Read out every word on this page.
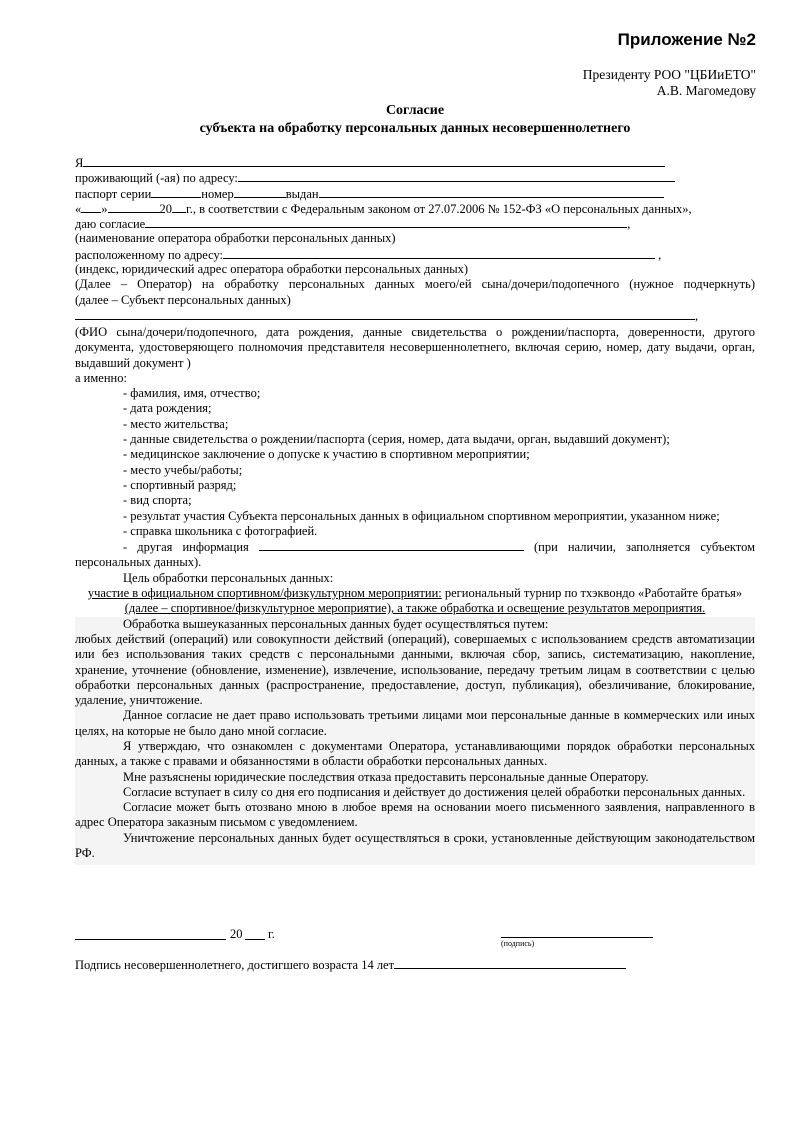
Приложение №2
Президенту РОО "ЦБИиЕТО"
А.В. Магомедову
Согласие
субъекта на обработку персональных данных несовершеннолетнего
Я
проживающий (-ая) по адресу:
паспорт серии	номер	выдан
« »	20 г., в соответствии с Федеральным законом от 27.07.2006 № 152-ФЗ «О персональных данных»,
даю согласие	,
(наименование оператора обработки персональных данных)
расположенному по адресу:	,
(индекс, юридический адрес оператора обработки персональных данных)
(Далее – Оператор) на обработку персональных данных моего/ей сына/дочери/подопечного (нужное подчеркнуть)
(далее – Субъект персональных данных)
,
(ФИО сына/дочери/подопечного, дата рождения, данные свидетельства о рождении/паспорта, доверенности, другого документа, удостоверяющего полномочия представителя несовершеннолетнего, включая серию, номер, дату выдачи, орган, выдавший документ )
а именно:
- фамилия, имя, отчество;
- дата рождения;
- место жительства;
- данные свидетельства о рождении/паспорта (серия, номер, дата выдачи, орган, выдавший документ);
- медицинское заключение о допуске к участию в спортивном мероприятии;
- место учебы/работы;
- спортивный разряд;
- вид спорта;
- результат участия Субъекта персональных данных в официальном спортивном мероприятии, указанном ниже;
- справка школьника с фотографией.
- другая информация	(при наличии, заполняется субъектом персональных данных).
Цель обработки персональных данных:
участие в официальном спортивном/физкультурном мероприятии: региональный турнир по тхэквондо «Работайте братья»
(далее – спортивное/физкультурное мероприятие), а также обработка и освещение результатов мероприятия.
Обработка вышеуказанных персональных данных будет осуществляться путем:
любых действий (операций) или совокупности действий (операций), совершаемых с использованием средств автоматизации или без использования таких средств с персональными данными, включая сбор, запись, систематизацию, накопление, хранение, уточнение (обновление, изменение), извлечение, использование, передачу третьим лицам в соответствии с целью обработки персональных данных (распространение, предоставление, доступ, публикация), обезличивание, блокирование, удаление, уничтожение.
Данное согласие не дает право использовать третьими лицами мои персональные данные в коммерческих или иных целях, на которые не было дано мной согласие.
Я утверждаю, что ознакомлен с документами Оператора, устанавливающими порядок обработки персональных данных, а также с правами и обязанностями в области обработки персональных данных.
Мне разъяснены юридические последствия отказа предоставить персональные данные Оператору.
Согласие вступает в силу со дня его подписания и действует до достижения целей обработки персональных данных.
Согласие может быть отозвано мною в любое время на основании моего письменного заявления, направленного в адрес Оператора заказным письмом с уведомлением.
Уничтожение персональных данных будет осуществляться в сроки, установленные действующим законодательством РФ.
20 г.
(подпись)
Подпись несовершеннолетнего, достигшего возраста 14 лет
